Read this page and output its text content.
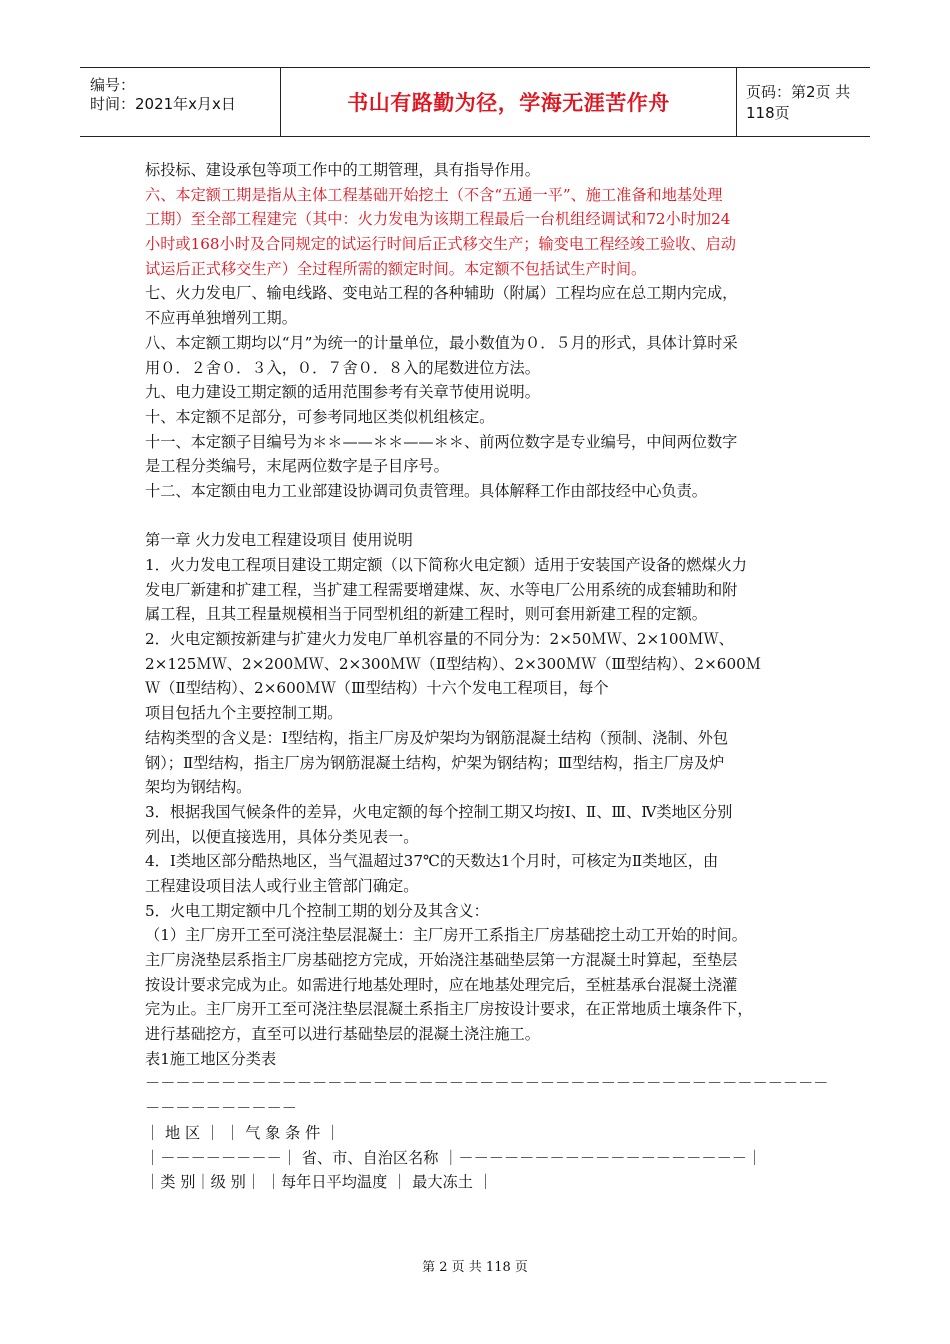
编号：
时间：2021年x月x日	书山有路勤为径，学海无涯苦作舟	页码：第2页 共118页
标投标、建设承包等项工作中的工期管理，具有指导作用。
六、本定额工期是指从主体工程基础开始挖土（不含“五通一平”、施工准备和地基处理
工期）至全部工程建完（其中：火力发电为该期工程最后一台机组经调试和72小时加24
小时或168小时及合同规定的试运行时间后正式移交生产；输变电工程经竣工验收、启动
试运后正式移交生产）全过程所需的额定时间。本定额不包括试生产时间。
七、火力发电厂、输电线路、变电站工程的各种辅助（附属）工程均应在总工期内完成，
不应再单独增列工期。
八、本定额工期均以“月”为统一的计量单位，最小数值为０．５月的形式，具体计算时采
用０．２舍０．３入，０．７舍０．８入的尾数进位方法。
九、电力建设工期定额的适用范围参考有关章节使用说明。
十、本定额不足部分，可参考同地区类似机组核定。
十一、本定额子目编号为＊＊——＊＊——＊＊、前两位数字是专业编号，中间两位数字
是工程分类编号，末尾两位数字是子目序号。
十二、本定额由电力工业部建设协调司负责管理。具体解释工作由部技经中心负责。
第一章 火力发电工程建设项目 使用说明
1．火力发电工程项目建设工期定额（以下简称火电定额）适用于安装国产设备的燃煤火力
发电厂新建和扩建工程，当扩建工程需要增建煤、灰、水等电厂公用系统的成套辅助和附
属工程，且其工程量规模相当于同型机组的新建工程时，则可套用新建工程的定额。
2．火电定额按新建与扩建火力发电厂单机容量的不同分为：2×50ＭＷ、2×100ＭＷ、
2×125ＭＷ、2×200ＭＷ、2×300ＭＷ（Ⅱ型结构）、2×300ＭＷ（Ⅲ型结构）、2×600Ｍ
Ｗ（Ⅱ型结构）、2×600ＭＷ（Ⅲ型结构）十六个发电工程项目，每个
项目包括九个主要控制工期。
结构类型的含义是：Ⅰ型结构，指主厂房及炉架均为钢筋混凝土结构（预制、浇制、外包
钢）；Ⅱ型结构，指主厂房为钢筋混凝土结构，炉架为钢结构；Ⅲ型结构，指主厂房及炉
架均为钢结构。
3．根据我国气候条件的差异，火电定额的每个控制工期又均按Ⅰ、Ⅱ、Ⅲ、Ⅳ类地区分别
列出，以便直接选用，具体分类见表一。
4．Ⅰ类地区部分酷热地区，当气温超过37℃的天数达1个月时，可核定为Ⅱ类地区，由
工程建设项目法人或行业主管部门确定。
5．火电工期定额中几个控制工期的划分及其含义：
（1）主厂房开工至可浇注垫层混凝土：主厂房开工系指主厂房基础挖土动工开始的时间。
主厂房浇垫层系指主厂房基础挖方完成，开始浇注基础垫层第一方混凝土时算起，至垫层
按设计要求完成为止。如需进行地基处理时，应在地基处理完后，至桩基承台混凝土浇灌
完为止。主厂房开工至可浇注垫层混凝土系指主厂房按设计要求，在正常地质土壤条件下，
进行基础挖方，直至可以进行基础垫层的混凝土浇注施工。
表1施工地区分类表
－－－－－－－－－－－－－－－－－－－－－－－－－－－－－－－－－－－－－－－－－－－－－
－－－－－－－－－－
｜ 地 区 ｜ ｜ 气 象 条 件 ｜
｜－－－－－－－－｜ 省、市、自治区名称 ｜－－－－－－－－－－－－－－－－－－－｜
｜类 别｜级 别｜ ｜每年日平均温度 ｜ 最大冻土 ｜
第 2 页 共 118 页
